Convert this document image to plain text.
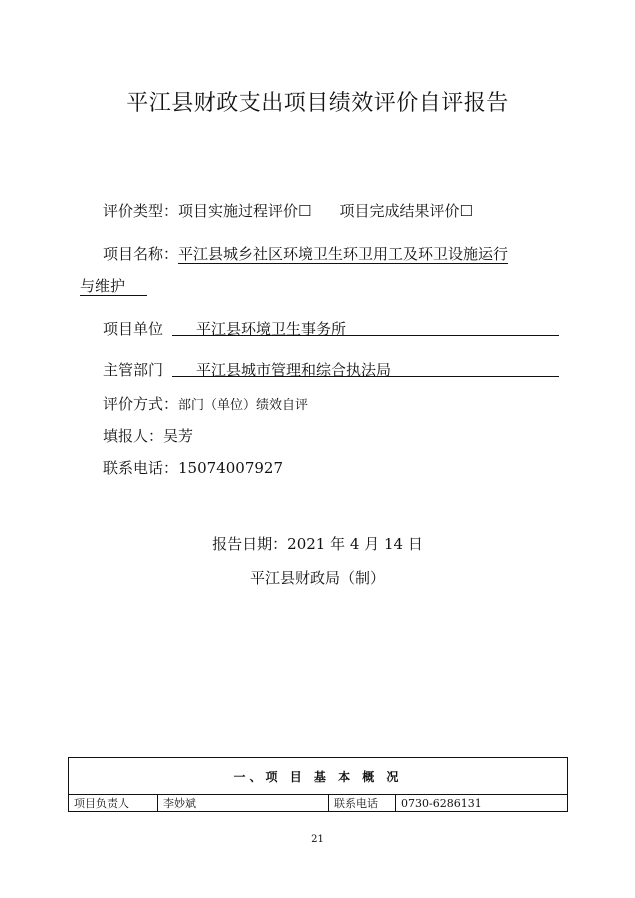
平江县财政支出项目绩效评价自评报告
评价类型：项目实施过程评价☐ 项目完成结果评价☐
项目名称：平江县城乡社区环境卫生环卫用工及环卫设施运行
与维护
项目单位 平江县环境卫生事务所
主管部门 平江县城市管理和综合执法局
评价方式：部门（单位）绩效自评
填报人：吴芳
联系电话：15074007927
报告日期：2021 年 4 月 14 日
平江县财政局（制）
一、项 目 基 本 概 况
项目负责人	李妙斌	联系电话	0730-6286131
21
